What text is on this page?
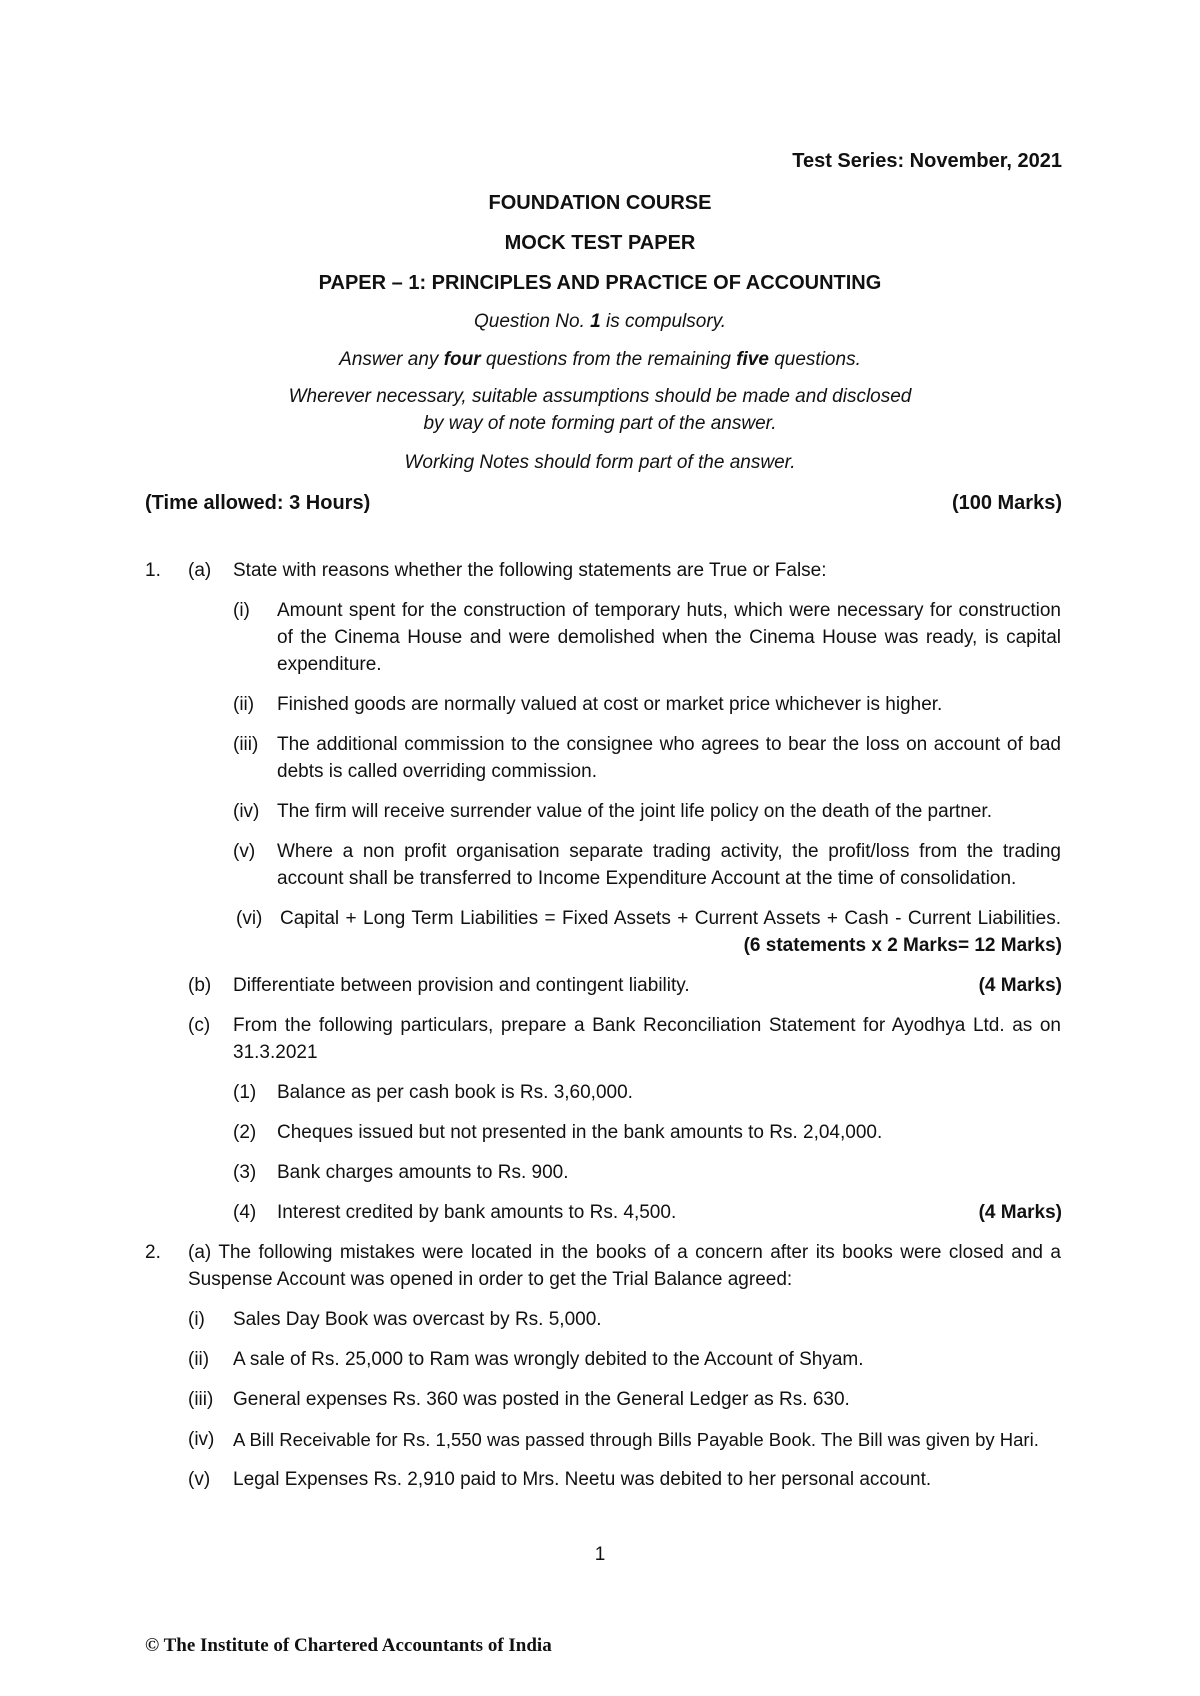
Test Series: November, 2021
FOUNDATION COURSE
MOCK TEST PAPER
PAPER – 1: PRINCIPLES AND PRACTICE OF ACCOUNTING
Question No. 1 is compulsory.
Answer any four questions from the remaining five questions.
Wherever necessary, suitable assumptions should be made and disclosed
by way of note forming part of the answer.
Working Notes should form part of the answer.
(Time allowed: 3 Hours)	(100 Marks)
1. (a) State with reasons whether the following statements are True or False:
(i) Amount spent for the construction of temporary huts, which were necessary for construction
of the Cinema House and were demolished when the Cinema House was ready, is capital
expenditure.
(ii) Finished goods are normally valued at cost or market price whichever is higher.
(iii) The additional commission to the consignee who agrees to bear the loss on account of bad
debts is called overriding commission.
(iv) The firm will receive surrender value of the joint life policy on the death of the partner.
(v) Where a non profit organisation separate trading activity, the profit/loss from the trading
account shall be transferred to Income Expenditure Account at the time of consolidation.
(vi) Capital + Long Term Liabilities = Fixed Assets + Current Assets + Cash - Current Liabilities.
(6 statements x 2 Marks= 12 Marks)
(b) Differentiate between provision and contingent liability.	(4 Marks)
(c) From the following particulars, prepare a Bank Reconciliation Statement for Ayodhya Ltd. as on
31.3.2021
(1) Balance as per cash book is Rs. 3,60,000.
(2) Cheques issued but not presented in the bank amounts to Rs. 2,04,000.
(3) Bank charges amounts to Rs. 900.
(4) Interest credited by bank amounts to Rs. 4,500.	(4 Marks)
2. (a) The following mistakes were located in the books of a concern after its books were closed and a
Suspense Account was opened in order to get the Trial Balance agreed:
(i) Sales Day Book was overcast by Rs. 5,000.
(ii) A sale of Rs. 25,000 to Ram was wrongly debited to the Account of Shyam.
(iii) General expenses Rs. 360 was posted in the General Ledger as Rs. 630.
(iv) A Bill Receivable for Rs. 1,550 was passed through Bills Payable Book. The Bill was given by Hari.
(v) Legal Expenses Rs. 2,910 paid to Mrs. Neetu was debited to her personal account.
1
© The Institute of Chartered Accountants of India
